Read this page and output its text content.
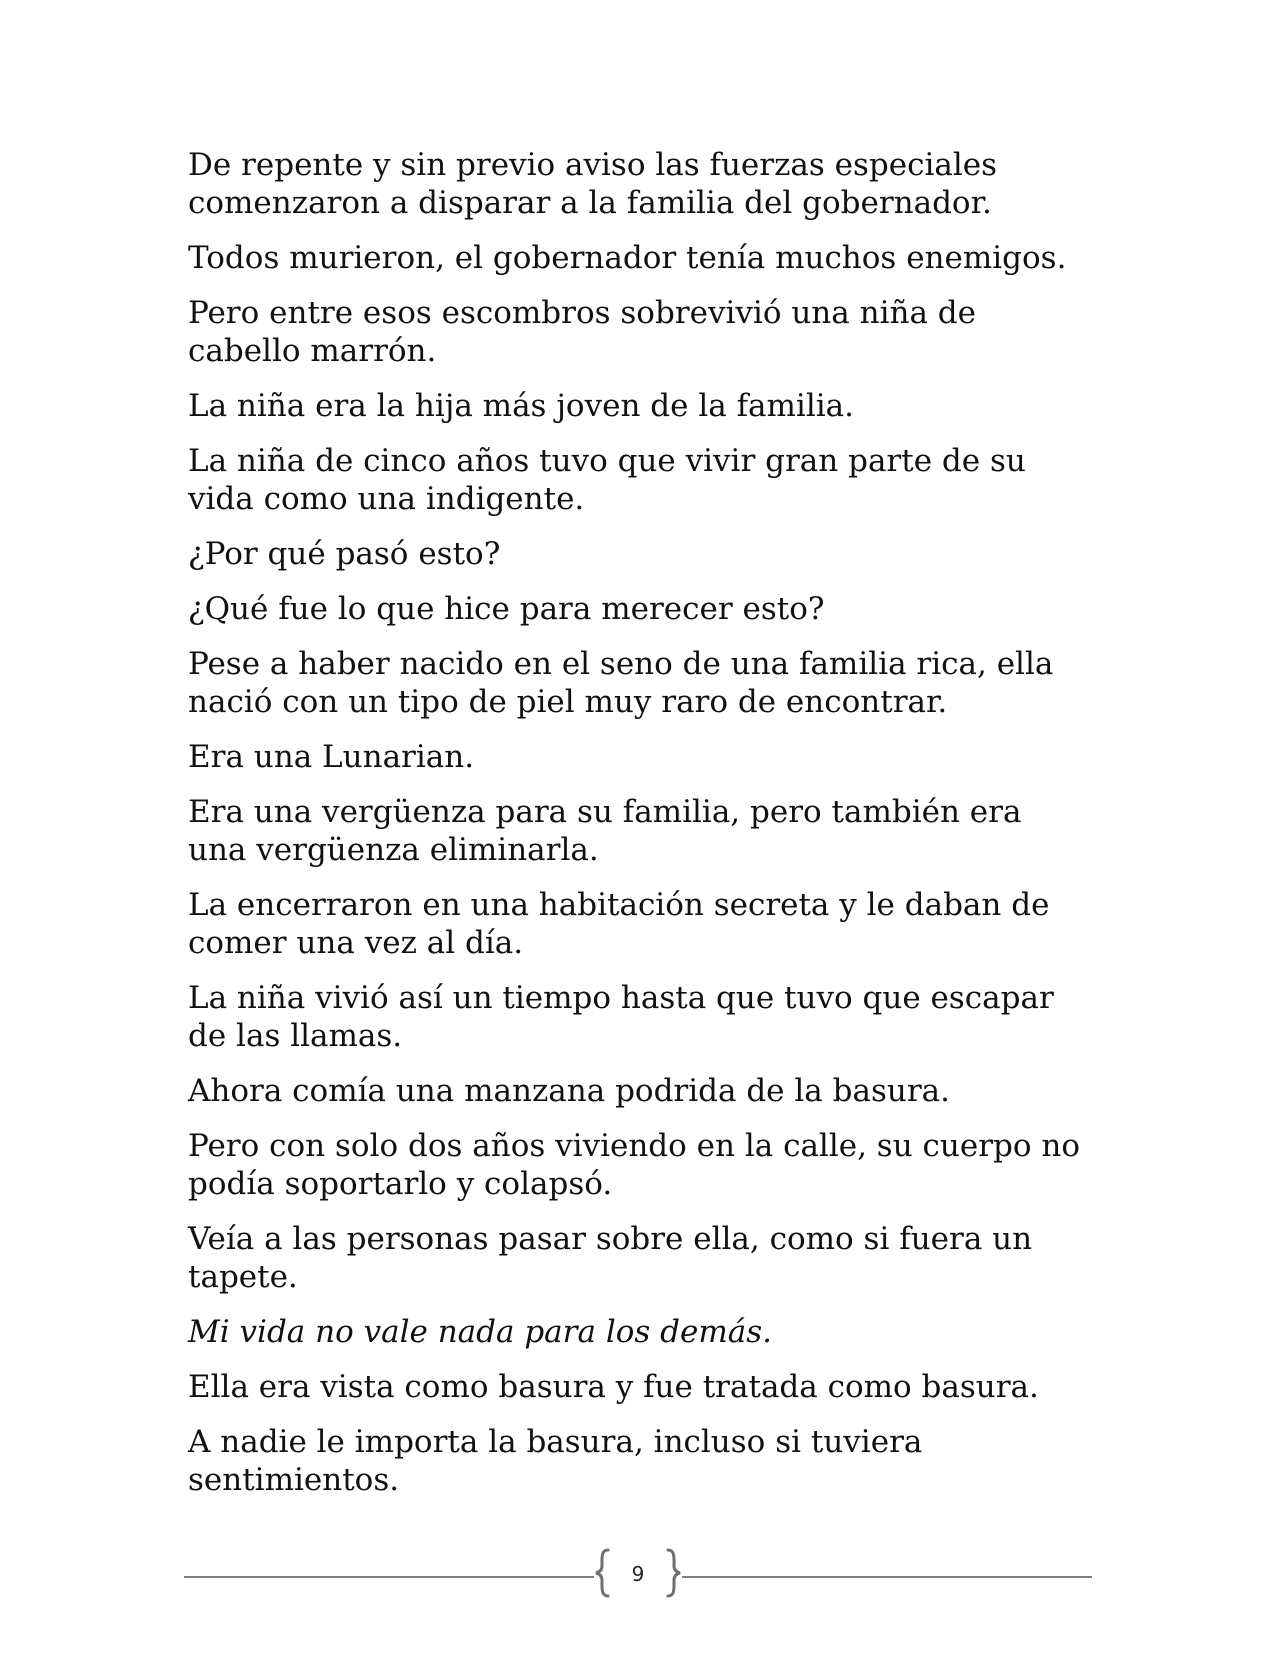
De repente y sin previo aviso las fuerzas especiales comenzaron a disparar a la familia del gobernador.

Todos murieron, el gobernador tenía muchos enemigos.

Pero entre esos escombros sobrevivió una niña de cabello marrón.

La niña era la hija más joven de la familia.

La niña de cinco años tuvo que vivir gran parte de su vida como una indigente.

¿Por qué pasó esto?

¿Qué fue lo que hice para merecer esto?

Pese a haber nacido en el seno de una familia rica, ella nació con un tipo de piel muy raro de encontrar.

Era una Lunarian.

Era una vergüenza para su familia, pero también era una vergüenza eliminarla.

La encerraron en una habitación secreta y le daban de comer una vez al día.

La niña vivió así un tiempo hasta que tuvo que escapar de las llamas.

Ahora comía una manzana podrida de la basura.

Pero con solo dos años viviendo en la calle, su cuerpo no podía soportarlo y colapsó.

Veía a las personas pasar sobre ella, como si fuera un tapete.

Mi vida no vale nada para los demás.

Ella era vista como basura y fue tratada como basura.

A nadie le importa la basura, incluso si tuviera sentimientos.

9
